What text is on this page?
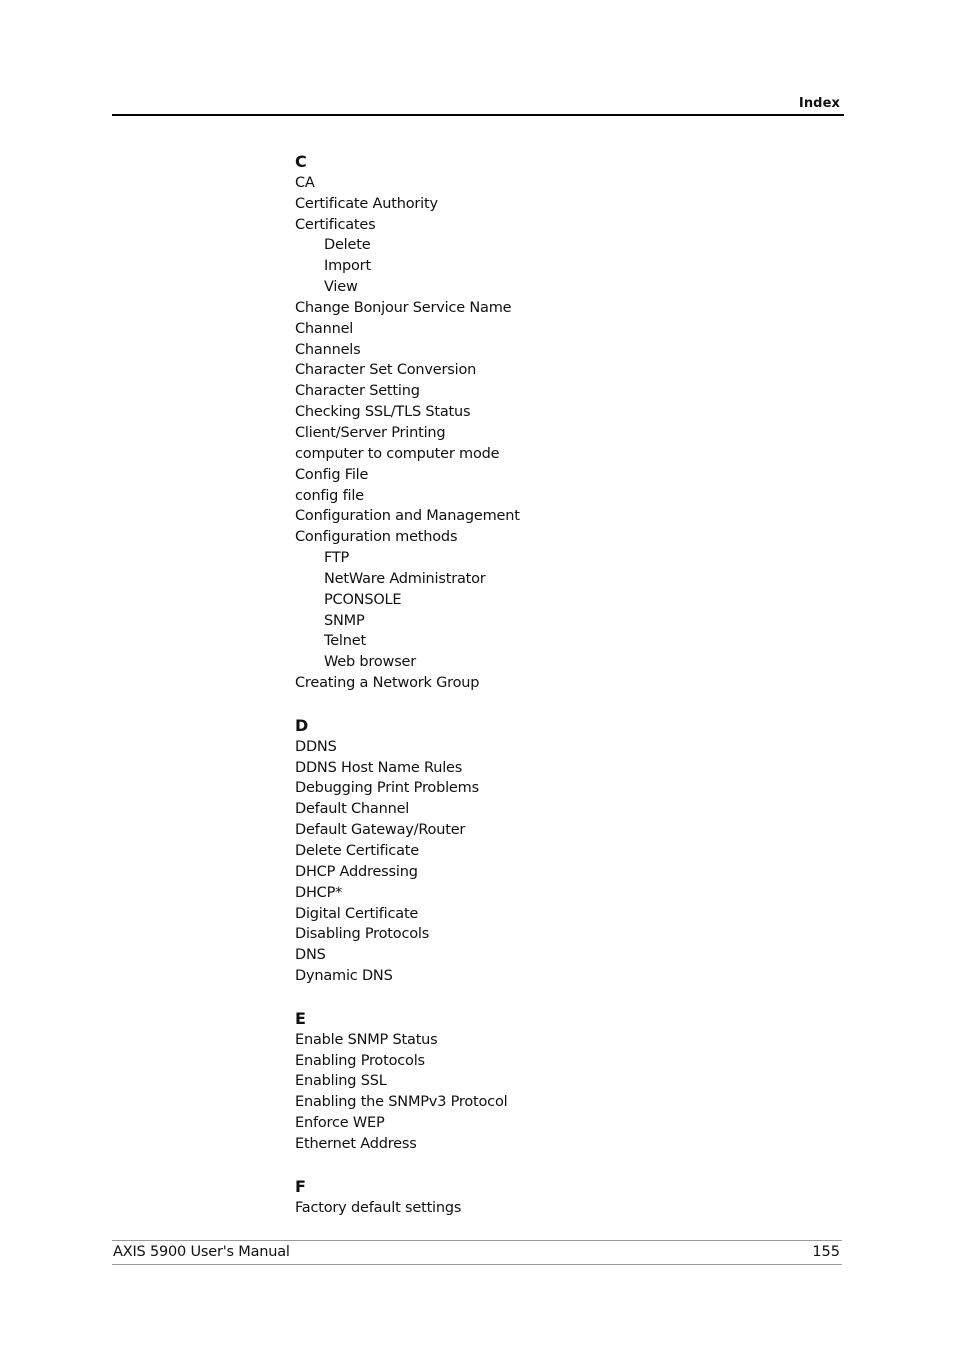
Index
C
CA
Certificate Authority
Certificates
Delete
Import
View
Change Bonjour Service Name
Channel
Channels
Character Set Conversion
Character Setting
Checking SSL/TLS Status
Client/Server Printing
computer to computer mode
Config File
config file
Configuration and Management
Configuration methods
FTP
NetWare Administrator
PCONSOLE
SNMP
Telnet
Web browser
Creating a Network Group
D
DDNS
DDNS Host Name Rules
Debugging Print Problems
Default Channel
Default Gateway/Router
Delete Certificate
DHCP Addressing
DHCP*
Digital Certificate
Disabling Protocols
DNS
Dynamic DNS
E
Enable SNMP Status
Enabling Protocols
Enabling SSL
Enabling the SNMPv3 Protocol
Enforce WEP
Ethernet Address
F
Factory default settings
AXIS 5900 User's Manual	155
